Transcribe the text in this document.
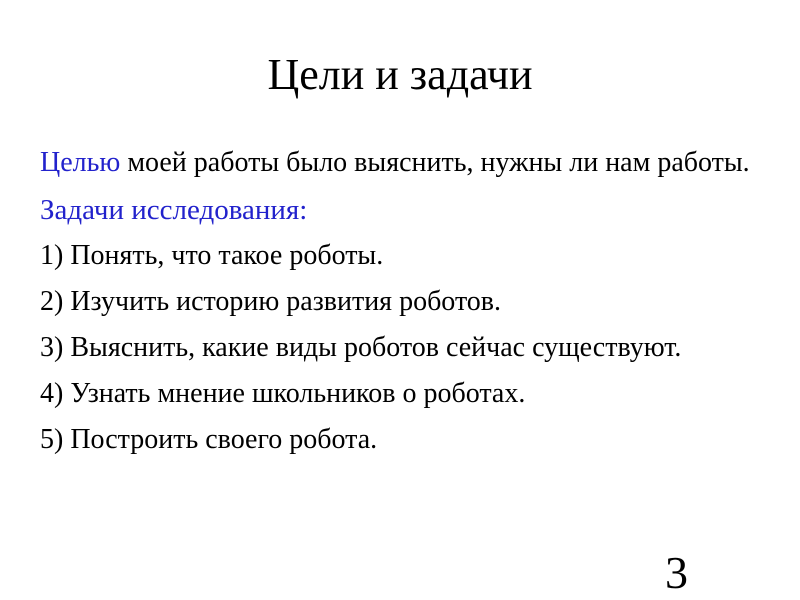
Цели и задачи

Целью моей работы было выяснить, нужны ли нам работы.

Задачи исследования:

1) Понять, что такое роботы.

2) Изучить историю развития роботов.

3) Выяснить, какие виды роботов сейчас существуют.

4) Узнать мнение школьников о роботах.

5) Построить своего робота.

3
